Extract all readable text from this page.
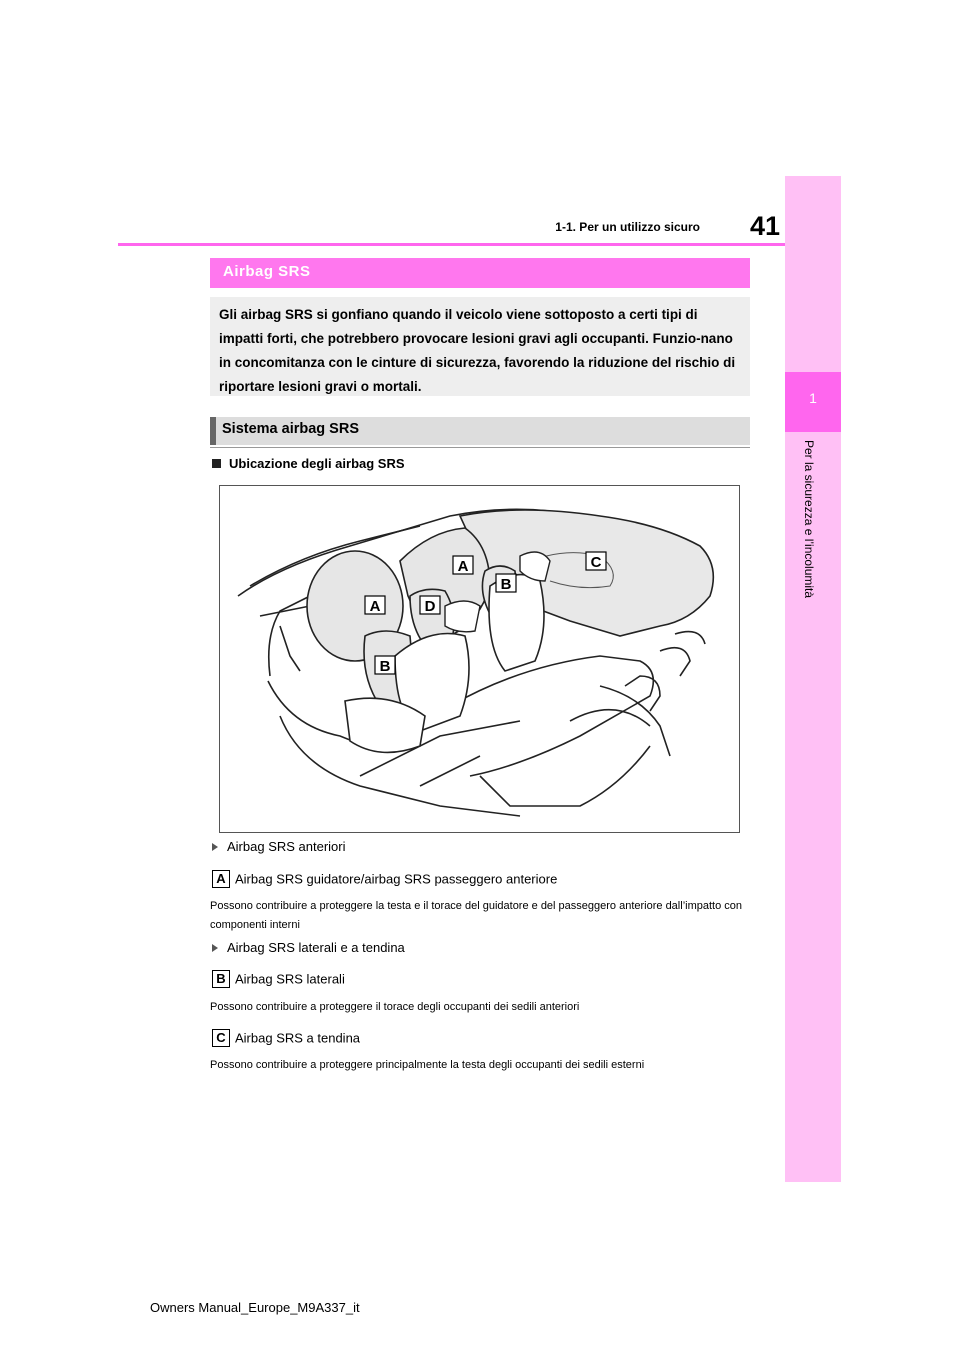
1
Per la sicurezza e l’incolumità
41
1-1. Per un utilizzo sicuro
Airbag SRS
Gli airbag SRS si gonfiano quando il veicolo viene sottoposto a certi tipi di impatti forti, che potrebbero provocare lesioni gravi agli occupanti. Funzio-nano in concomitanza con le cinture di sicurezza, favorendo la riduzione del rischio di riportare lesioni gravi o mortali.
Sistema airbag SRS
Ubicazione degli airbag SRS
A
A
B
B
C
D
Airbag SRS anteriori
A Airbag SRS guidatore/airbag SRS passeggero anteriore
Possono contribuire a proteggere la testa e il torace del guidatore e del passeggero anteriore dall’impatto con componenti interni
Airbag SRS laterali e a tendina
B Airbag SRS laterali
Possono contribuire a proteggere il torace degli occupanti dei sedili anteriori
C Airbag SRS a tendina
Possono contribuire a proteggere principalmente la testa degli occupanti dei sedili esterni
Owners Manual_Europe_M9A337_it
